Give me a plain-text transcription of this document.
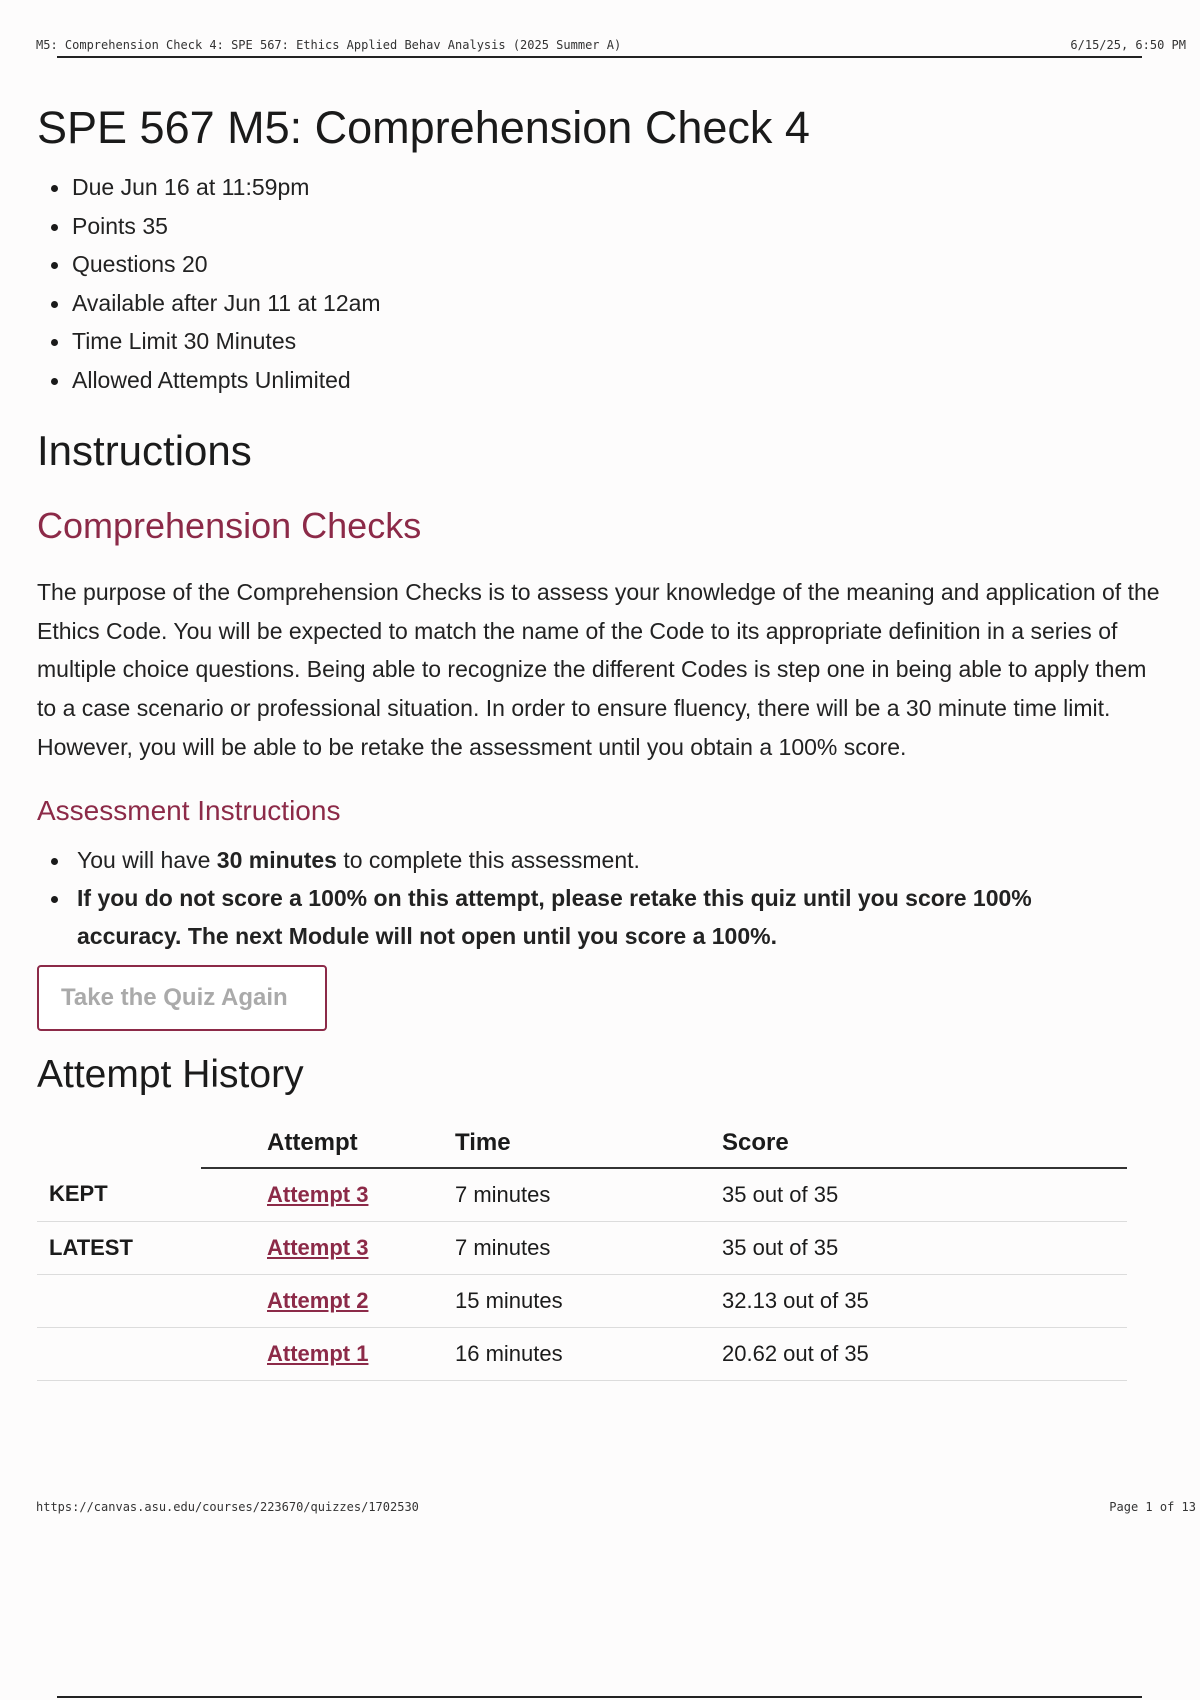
M5: Comprehension Check 4: SPE 567: Ethics Applied Behav Analysis (2025 Summer A)	6/15/25, 6:50 PM
SPE 567 M5: Comprehension Check 4
Due Jun 16 at 11:59pm
Points 35
Questions 20
Available after Jun 11 at 12am
Time Limit 30 Minutes
Allowed Attempts Unlimited
Instructions
Comprehension Checks

The purpose of the Comprehension Checks is to assess your knowledge of the meaning and application of the Ethics Code. You will be expected to match the name of the Code to its appropriate definition in a series of multiple choice questions. Being able to recognize the different Codes is step one in being able to apply them to a case scenario or professional situation. In order to ensure fluency, there will be a 30 minute time limit. However, you will be able to be retake the assessment until you obtain a 100% score.

Assessment Instructions
You will have 30 minutes to complete this assessment.
If you do not score a 100% on this attempt, please retake this quiz until you score 100% accuracy. The next Module will not open until you score a 100%.
Take the Quiz Again
Attempt History
	Attempt	Time	Score
KEPT	Attempt 3	7 minutes	35 out of 35
LATEST	Attempt 3	7 minutes	35 out of 35
	Attempt 2	15 minutes	32.13 out of 35
	Attempt 1	16 minutes	20.62 out of 35
https://canvas.asu.edu/courses/223670/quizzes/1702530	Page 1 of 13
